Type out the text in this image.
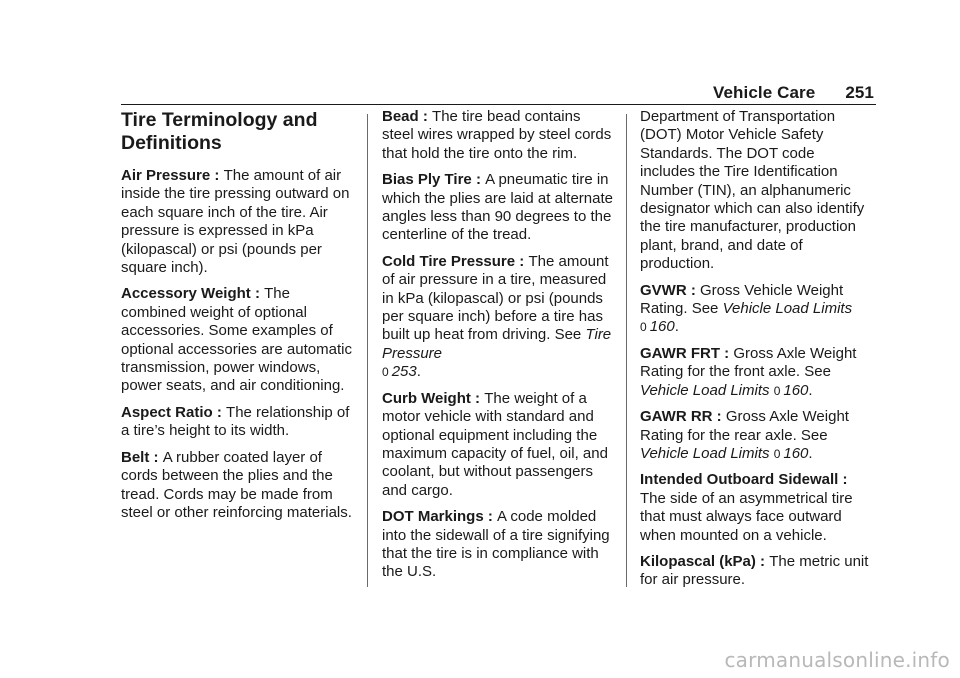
Vehicle Care 251
Tire Terminology and Definitions

Air Pressure : The amount of air inside the tire pressing outward on each square inch of the tire. Air pressure is expressed in kPa (kilopascal) or psi (pounds per square inch).

Accessory Weight : The combined weight of optional accessories. Some examples of optional accessories are automatic transmission, power windows, power seats, and air conditioning.

Aspect Ratio : The relationship of a tire’s height to its width.

Belt : A rubber coated layer of cords between the plies and the tread. Cords may be made from steel or other reinforcing materials.

Bead : The tire bead contains steel wires wrapped by steel cords that hold the tire onto the rim.

Bias Ply Tire : A pneumatic tire in which the plies are laid at alternate angles less than 90 degrees to the centerline of the tread.

Cold Tire Pressure : The amount of air pressure in a tire, measured in kPa (kilopascal) or psi (pounds per square inch) before a tire has built up heat from driving. See Tire Pressure
0 253.

Curb Weight : The weight of a motor vehicle with standard and optional equipment including the maximum capacity of fuel, oil, and coolant, but without passengers and cargo.

DOT Markings : A code molded into the sidewall of a tire signifying that the tire is in compliance with the U.S.

Department of Transportation (DOT) Motor Vehicle Safety Standards. The DOT code includes the Tire Identification Number (TIN), an alphanumeric designator which can also identify the tire manufacturer, production plant, brand, and date of production.

GVWR : Gross Vehicle Weight Rating. See Vehicle Load Limits
0 160.

GAWR FRT : Gross Axle Weight Rating for the front axle. See Vehicle Load Limits 0 160.

GAWR RR : Gross Axle Weight Rating for the rear axle. See Vehicle Load Limits 0 160.

Intended Outboard Sidewall :
The side of an asymmetrical tire that must always face outward when mounted on a vehicle.

Kilopascal (kPa) : The metric unit for air pressure.

carmanualsonline.info
